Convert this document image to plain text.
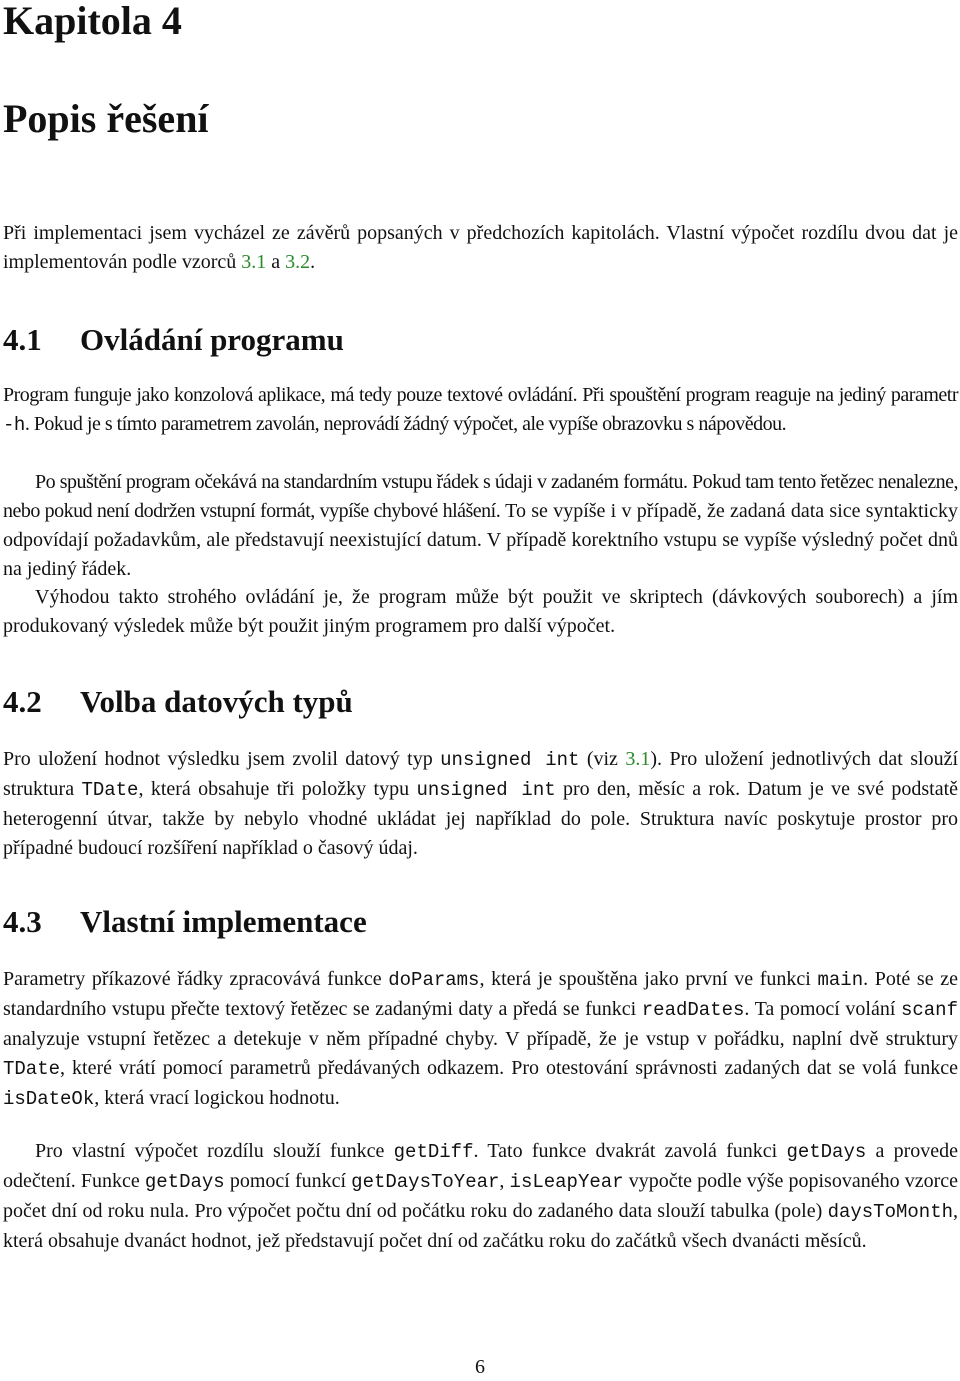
Kapitola 4
Popis řešení

Při implementaci jsem vycházel ze závěrů popsaných v předchozích kapitolách. Vlastní výpočet rozdílu dvou dat je implementován podle vzorců 3.1 a 3.2.

4.1 Ovládání programu

Program funguje jako konzolová aplikace, má tedy pouze textové ovládání. Při spouštění program reaguje na jediný parametr -h. Pokud je s tímto parametrem zavolán, neprovádí žádný výpočet, ale vypíše obrazovku s nápovědou.

Po spuštění program očekává na standardním vstupu řádek s údaji v zadaném formátu. Pokud tam tento řetězec nenalezne, nebo pokud není dodržen vstupní formát, vypíše chybové hlášení. To se vypíše i v případě, že zadaná data sice syntakticky odpovídají požadavkům, ale představují neexistující datum. V případě korektního vstupu se vypíše výsledný počet dnů na jediný řádek.

Výhodou takto strohého ovládání je, že program může být použit ve skriptech (dávkových souborech) a jím produkovaný výsledek může být použit jiným programem pro další výpočet.

4.2 Volba datových typů

Pro uložení hodnot výsledku jsem zvolil datový typ unsigned int (viz 3.1). Pro uložení jednotlivých dat slouží struktura TDate, která obsahuje tři položky typu unsigned int pro den, měsíc a rok. Datum je ve své podstatě heterogenní útvar, takže by nebylo vhodné ukládat jej například do pole. Struktura navíc poskytuje prostor pro případné budoucí rozšíření například o časový údaj.

4.3 Vlastní implementace

Parametry příkazové řádky zpracovává funkce doParams, která je spouštěna jako první ve funkci main. Poté se ze standardního vstupu přečte textový řetězec se zadanými daty a předá se funkci readDates. Ta pomocí volání scanf analyzuje vstupní řetězec a detekuje v něm případné chyby. V případě, že je vstup v pořádku, naplní dvě struktury TDate, které vrátí pomocí parametrů předávaných odkazem. Pro otestování správnosti zadaných dat se volá funkce isDateOk, která vrací logickou hodnotu.

Pro vlastní výpočet rozdílu slouží funkce getDiff. Tato funkce dvakrát zavolá funkci getDays a provede odečtení. Funkce getDays pomocí funkcí getDaysToYear, isLeapYear vypočte podle výše popisovaného vzorce počet dní od roku nula. Pro výpočet počtu dní od počátku roku do zadaného data slouží tabulka (pole) daysToMonth, která obsahuje dvanáct hodnot, jež představují počet dní od začátku roku do začátků všech dvanácti měsíců.

6
